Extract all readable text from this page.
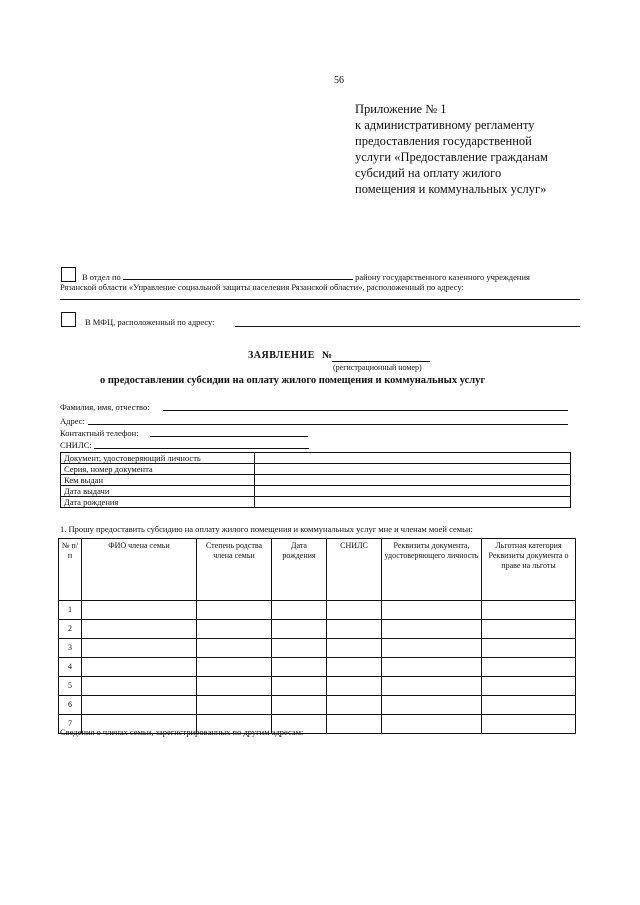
56
Приложение № 1
к административному регламенту
предоставления государственной
услуги «Предоставление гражданам
субсидий на оплату жилого
помещения и коммунальных услуг»
В отдел по	району государственного казенного учреждения
Рязанской области «Управление социальной защиты населения Рязанской области», расположенный по адресу:
В МФЦ, расположенный по адресу:
ЗАЯВЛЕНИЕ №
(регистрационный номер)
о предоставлении субсидии на оплату жилого помещения и коммунальных услуг
Фамилия, имя, отчество:
Адрес:
Контактный телефон:
СНИЛС:
Документ, удостоверяющий личность	
Серия, номер документа	
Кем выдан	
Дата выдачи	
Дата рождения	
1. Прошу предоставить субсидию на оплату жилого помещения и коммунальных услуг мне и членам моей семьи:
№ п/п	ФИО члена семьи	Степень родства члена семьи	Дата рождения	СНИЛС	Реквизиты документа, удостоверяющего личность	Льготная категория Реквизиты документа о праве на льготы
1						
2						
3						
4						
5						
6						
7						
Сведения о членах семьи, зарегистрированных по другим адресам:
